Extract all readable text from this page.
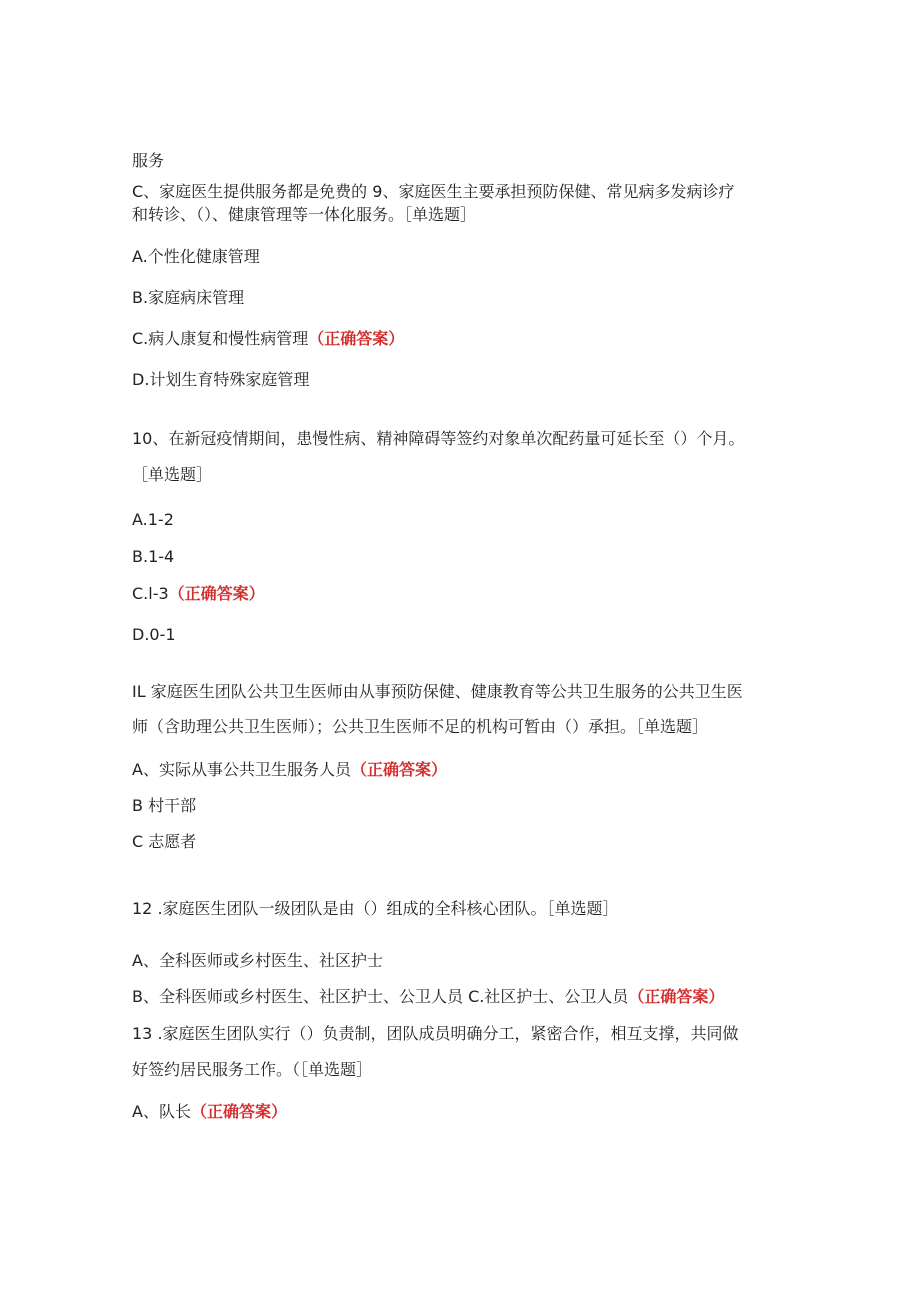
服务

C、家庭医生提供服务都是免费的 9、家庭医生主要承担预防保健、常见病多发病诊疗

和转诊、（）、健康管理等一体化服务。［单选题］

A.个性化健康管理

B.家庭病床管理

C.病人康复和慢性病管理（正确答案）

D.计划生育特殊家庭管理

10、在新冠疫情期间，患慢性病、精神障碍等签约对象单次配药量可延长至（）个月。

［单选题］

A.1-2

B.1-4

C.l-3（正确答案）

D.0-1

IL 家庭医生团队公共卫生医师由从事预防保健、健康教育等公共卫生服务的公共卫生医

师（含助理公共卫生医师）；公共卫生医师不足的机构可暂由（）承担。［单选题］

A、实际从事公共卫生服务人员（正确答案）

B 村干部

C 志愿者

12 .家庭医生团队一级团队是由（）组成的全科核心团队。［单选题］

A、全科医师或乡村医生、社区护士

B、全科医师或乡村医生、社区护士、公卫人员 C.社区护士、公卫人员（正确答案）

13 .家庭医生团队实行（）负责制，团队成员明确分工，紧密合作，相互支撑，共同做

好签约居民服务工作。（［单选题］

A、队长（正确答案）
